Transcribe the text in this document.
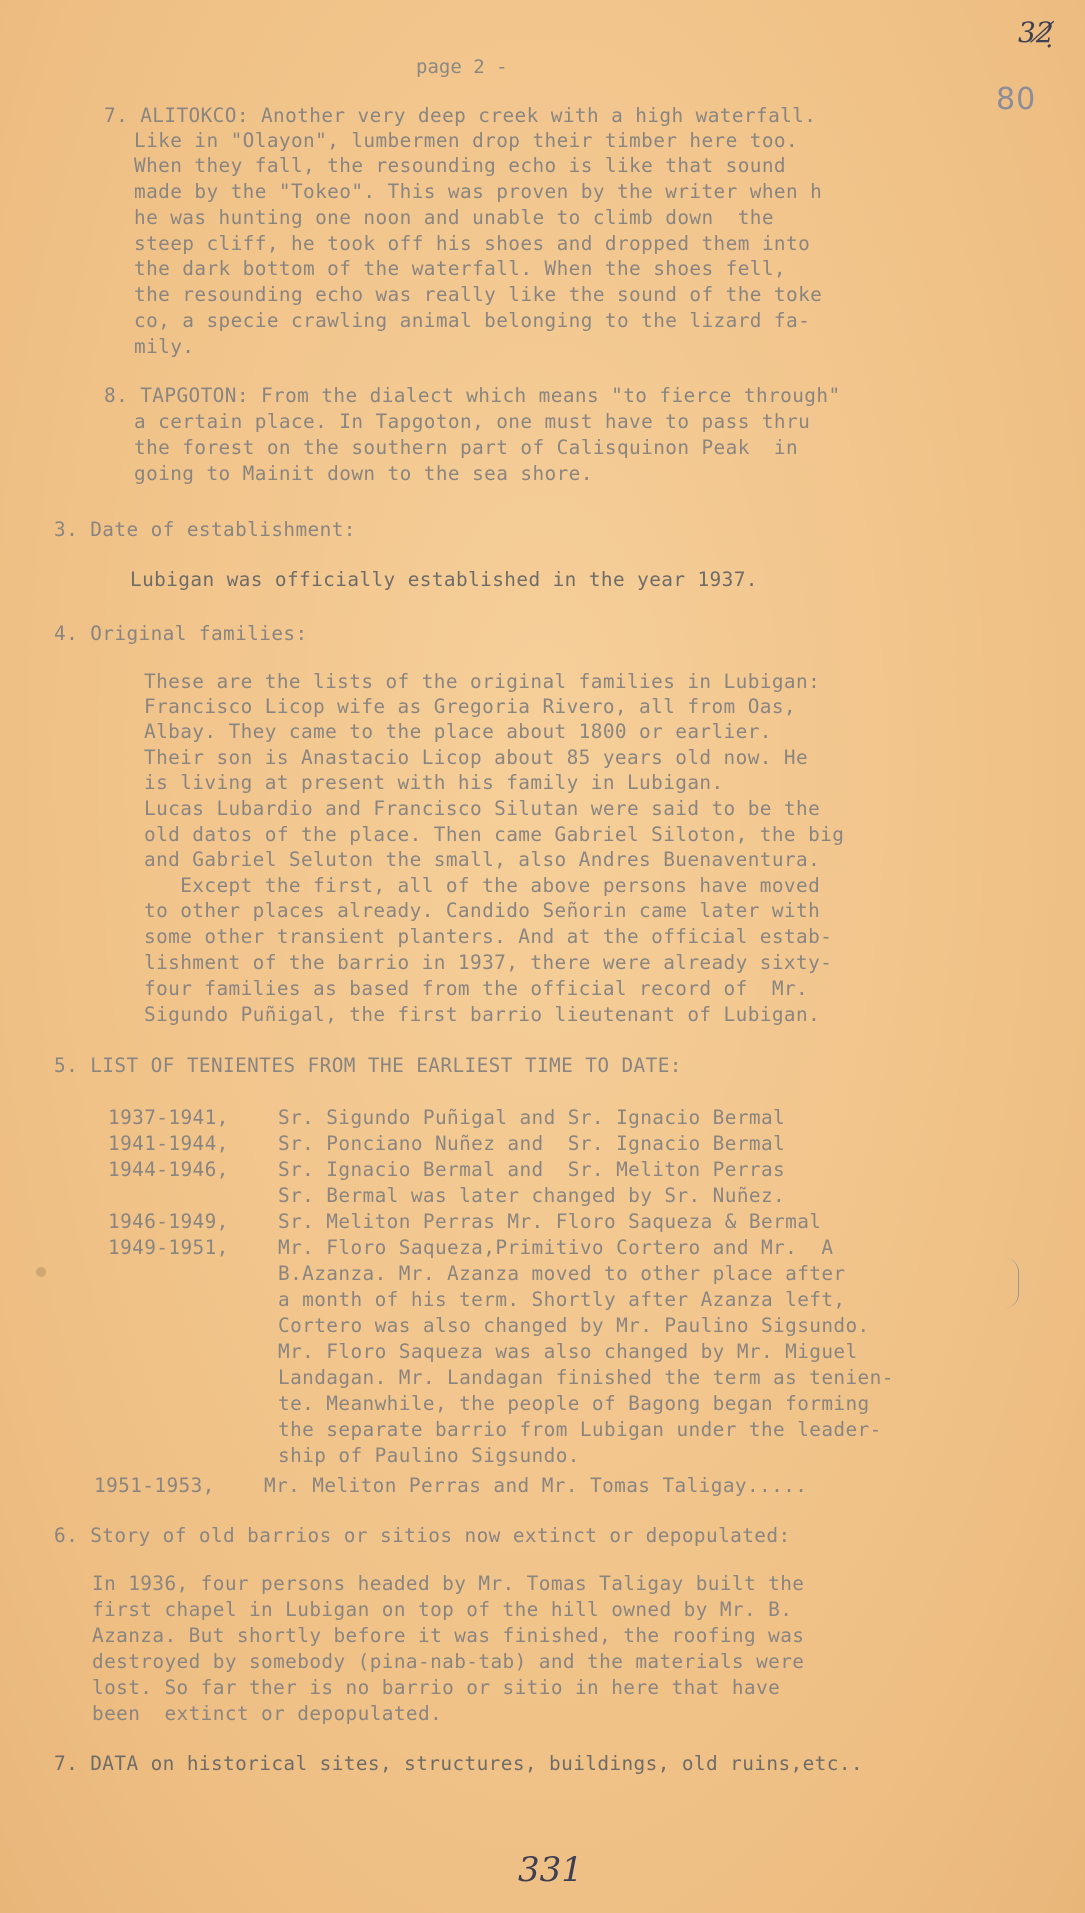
page 2 -
32̸̣
80
7. ALITOKCO: Another very deep creek with a high waterfall.
Like in "Olayon", lumbermen drop their timber here too.
When they fall, the resounding echo is like that sound
made by the "Tokeo". This was proven by the writer when h
he was hunting one noon and unable to climb down  the
steep cliff, he took off his shoes and dropped them into
the dark bottom of the waterfall. When the shoes fell,
the resounding echo was really like the sound of the toke
co, a specie crawling animal belonging to the lizard fa-
mily.
8. TAPGOTON: From the dialect which means "to fierce through"
a certain place. In Tapgoton, one must have to pass thru
the forest on the southern part of Calisquinon Peak  in
going to Mainit down to the sea shore.
3. Date of establishment:
Lubigan was officially established in the year 1937.
4. Original families:
These are the lists of the original families in Lubigan:
Francisco Licop wife as Gregoria Rivero, all from Oas,
Albay. They came to the place about 1800 or earlier.
Their son is Anastacio Licop about 85 years old now. He
is living at present with his family in Lubigan.
Lucas Lubardio and Francisco Silutan were said to be the
old datos of the place. Then came Gabriel Siloton, the big
and Gabriel Seluton the small, also Andres Buenaventura.
Except the first, all of the above persons have moved
to other places already. Candido Señorin came later with
some other transient planters. And at the official estab-
lishment of the barrio in 1937, there were already sixty-
four families as based from the official record of  Mr.
Sigundo Puñigal, the first barrio lieutenant of Lubigan.
5. LIST OF TENIENTES FROM THE EARLIEST TIME TO DATE:
1937-1941,	Sr. Sigundo Puñigal and Sr. Ignacio Bermal
1941-1944,	Sr. Ponciano Nuñez and  Sr. Ignacio Bermal
1944-1946,	Sr. Ignacio Bermal and  Sr. Meliton Perras
Sr. Bermal was later changed by Sr. Nuñez.
1946-1949,	Sr. Meliton Perras Mr. Floro Saqueza & Bermal
1949-1951,	Mr. Floro Saqueza,Primitivo Cortero and Mr.  A
B.Azanza. Mr. Azanza moved to other place after
a month of his term. Shortly after Azanza left,
Cortero was also changed by Mr. Paulino Sigsundo.
Mr. Floro Saqueza was also changed by Mr. Miguel
Landagan. Mr. Landagan finished the term as tenien-
te. Meanwhile, the people of Bagong began forming
the separate barrio from Lubigan under the leader-
ship of Paulino Sigsundo.
1951-1953,	Mr. Meliton Perras and Mr. Tomas Taligay.....
6. Story of old barrios or sitios now extinct or depopulated:
In 1936, four persons headed by Mr. Tomas Taligay built the
first chapel in Lubigan on top of the hill owned by Mr. B.
Azanza. But shortly before it was finished, the roofing was
destroyed by somebody (pina-nab-tab) and the materials were
lost. So far ther is no barrio or sitio in here that have
been  extinct or depopulated.
7. DATA on historical sites, structures, buildings, old ruins,etc..
331
